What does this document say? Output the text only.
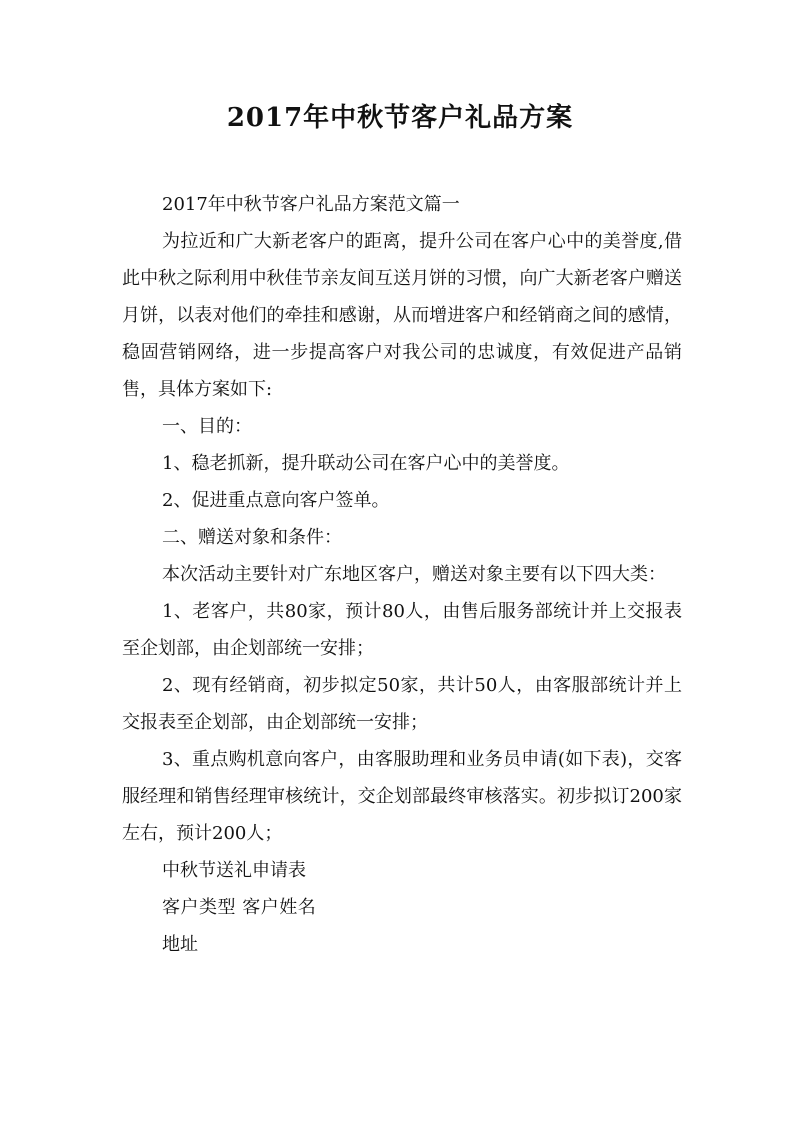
2017年中秋节客户礼品方案

2017年中秋节客户礼品方案范文篇一

为拉近和广大新老客户的距离，提升公司在客户心中的美誉度,借此中秋之际利用中秋佳节亲友间互送月饼的习惯，向广大新老客户赠送月饼，以表对他们的牵挂和感谢，从而增进客户和经销商之间的感情，稳固营销网络，进一步提高客户对我公司的忠诚度，有效促进产品销售，具体方案如下:

一、目的：

1、稳老抓新，提升联动公司在客户心中的美誉度。

2、促进重点意向客户签单。

二、赠送对象和条件：

本次活动主要针对广东地区客户，赠送对象主要有以下四大类：

1、老客户，共80家，预计80人，由售后服务部统计并上交报表至企划部，由企划部统一安排；

2、现有经销商，初步拟定50家，共计50人，由客服部统计并上交报表至企划部，由企划部统一安排；

3、重点购机意向客户，由客服助理和业务员申请(如下表)，交客服经理和销售经理审核统计，交企划部最终审核落实。初步拟订200家左右，预计200人；

中秋节送礼申请表

客户类型 客户姓名

地址
